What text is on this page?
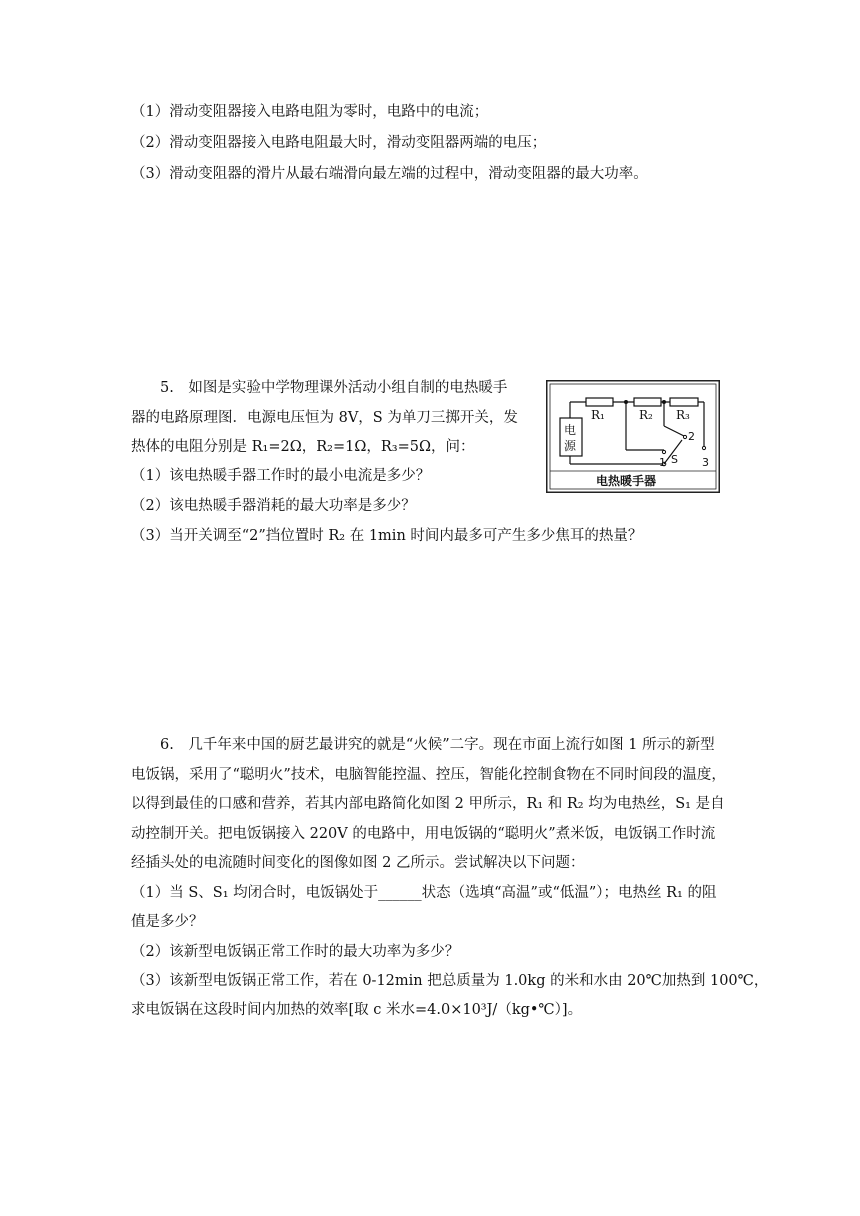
（1）滑动变阻器接入电路电阻为零时，电路中的电流；
（2）滑动变阻器接入电路电阻最大时，滑动变阻器两端的电压；
（3）滑动变阻器的滑片从最右端滑向最左端的过程中，滑动变阻器的最大功率。
5.　如图是实验中学物理课外活动小组自制的电热暖手
器的电路原理图．电源电压恒为 8V，S 为单刀三掷开关，发
热体的电阻分别是 R₁=2Ω，R₂=1Ω，R₃=5Ω，问：
（1）该电热暖手器工作时的最小电流是多少？
（2）该电热暖手器消耗的最大功率是多少？
（3）当开关调至“2”挡位置时 R₂ 在 1min 时间内最多可产生多少焦耳的热量？
R₁	R₂ R₃
电
源
2
1 S 3
电热暖手器
6.　几千年来中国的厨艺最讲究的就是“火候”二字。现在市面上流行如图 1 所示的新型
电饭锅，采用了“聪明火”技术，电脑智能控温、控压，智能化控制食物在不同时间段的温度，
以得到最佳的口感和营养，若其内部电路简化如图 2 甲所示，R₁ 和 R₂ 均为电热丝，S₁ 是自
动控制开关。把电饭锅接入 220V 的电路中，用电饭锅的“聪明火”煮米饭，电饭锅工作时流
经插头处的电流随时间变化的图像如图 2 乙所示。尝试解决以下问题：
（1）当 S、S₁ 均闭合时，电饭锅处于______状态（选填“高温”或“低温”）；电热丝 R₁ 的阻
值是多少？
（2）该新型电饭锅正常工作时的最大功率为多少？
（3）该新型电饭锅正常工作，若在 0-12min 把总质量为 1.0kg 的米和水由 20℃加热到 100℃，
求电饭锅在这段时间内加热的效率[取 c 米水=4.0×10³J/（kg•℃）]。
